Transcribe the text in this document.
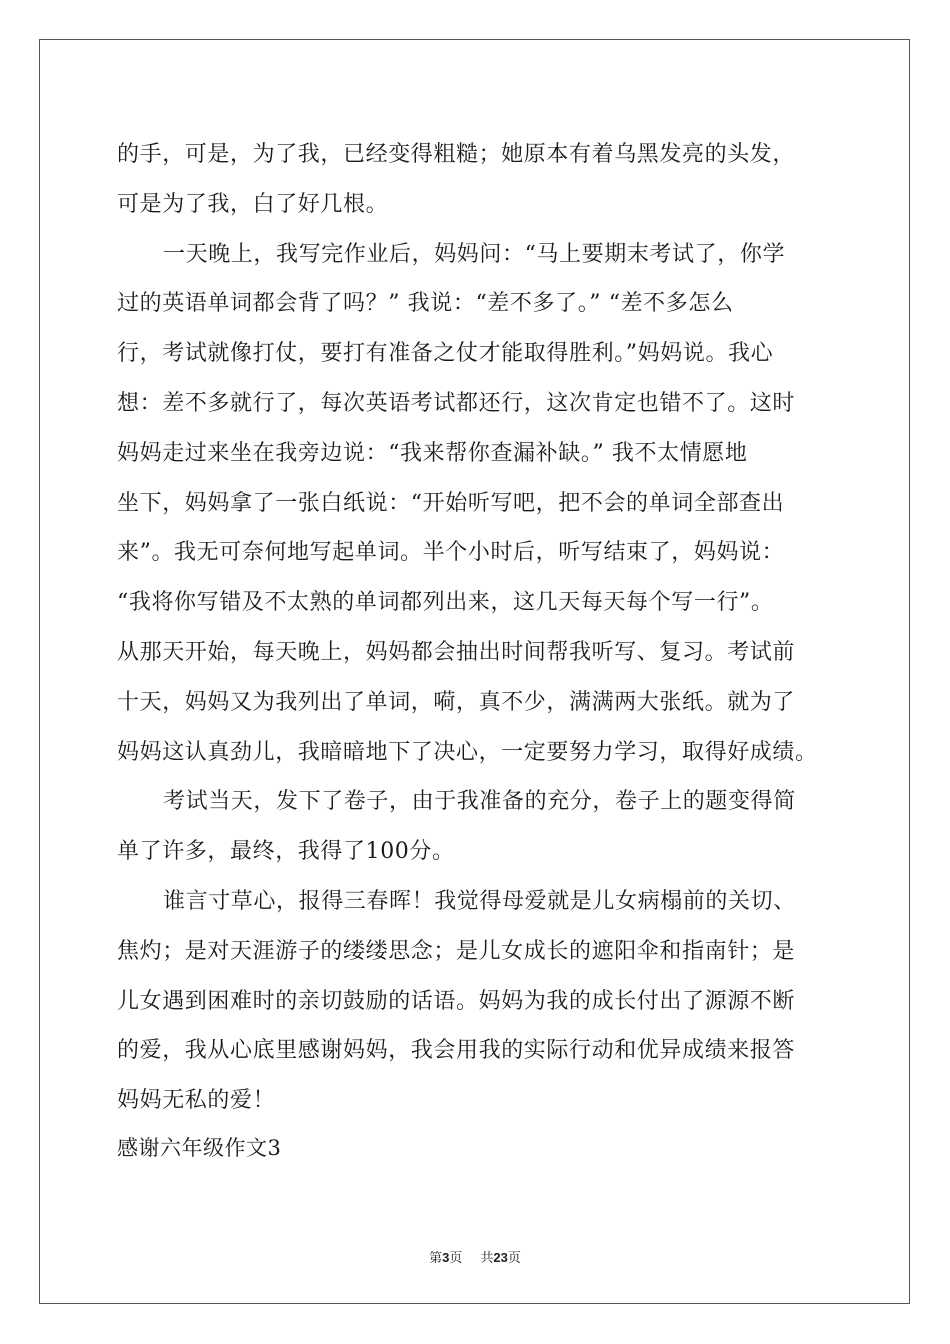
的手，可是，为了我，已经变得粗糙；她原本有着乌黑发亮的头发，
可是为了我，白了好几根。

一天晚上，我写完作业后，妈妈问：“马上要期末考试了，你学
过的英语单词都会背了吗？” 我说：“差不多了。” “差不多怎么
行，考试就像打仗，要打有准备之仗才能取得胜利。”妈妈说。我心
想：差不多就行了，每次英语考试都还行，这次肯定也错不了。这时
妈妈走过来坐在我旁边说：“我来帮你查漏补缺。” 我不太情愿地
坐下，妈妈拿了一张白纸说：“开始听写吧，把不会的单词全部查出
来”。我无可奈何地写起单词。半个小时后，听写结束了，妈妈说：
“我将你写错及不太熟的单词都列出来，这几天每天每个写一行”。
从那天开始，每天晚上，妈妈都会抽出时间帮我听写、复习。考试前
十天，妈妈又为我列出了单词，嗬，真不少，满满两大张纸。就为了
妈妈这认真劲儿，我暗暗地下了决心，一定要努力学习，取得好成绩。

考试当天，发下了卷子，由于我准备的充分，卷子上的题变得简
单了许多，最终，我得了100分。

谁言寸草心，报得三春晖！我觉得母爱就是儿女病榻前的关切、
焦灼；是对天涯游子的缕缕思念；是儿女成长的遮阳伞和指南针；是
儿女遇到困难时的亲切鼓励的话语。妈妈为我的成长付出了源源不断
的爱，我从心底里感谢妈妈，我会用我的实际行动和优异成绩来报答
妈妈无私的爱！

感谢六年级作文3
第3页 共23页
